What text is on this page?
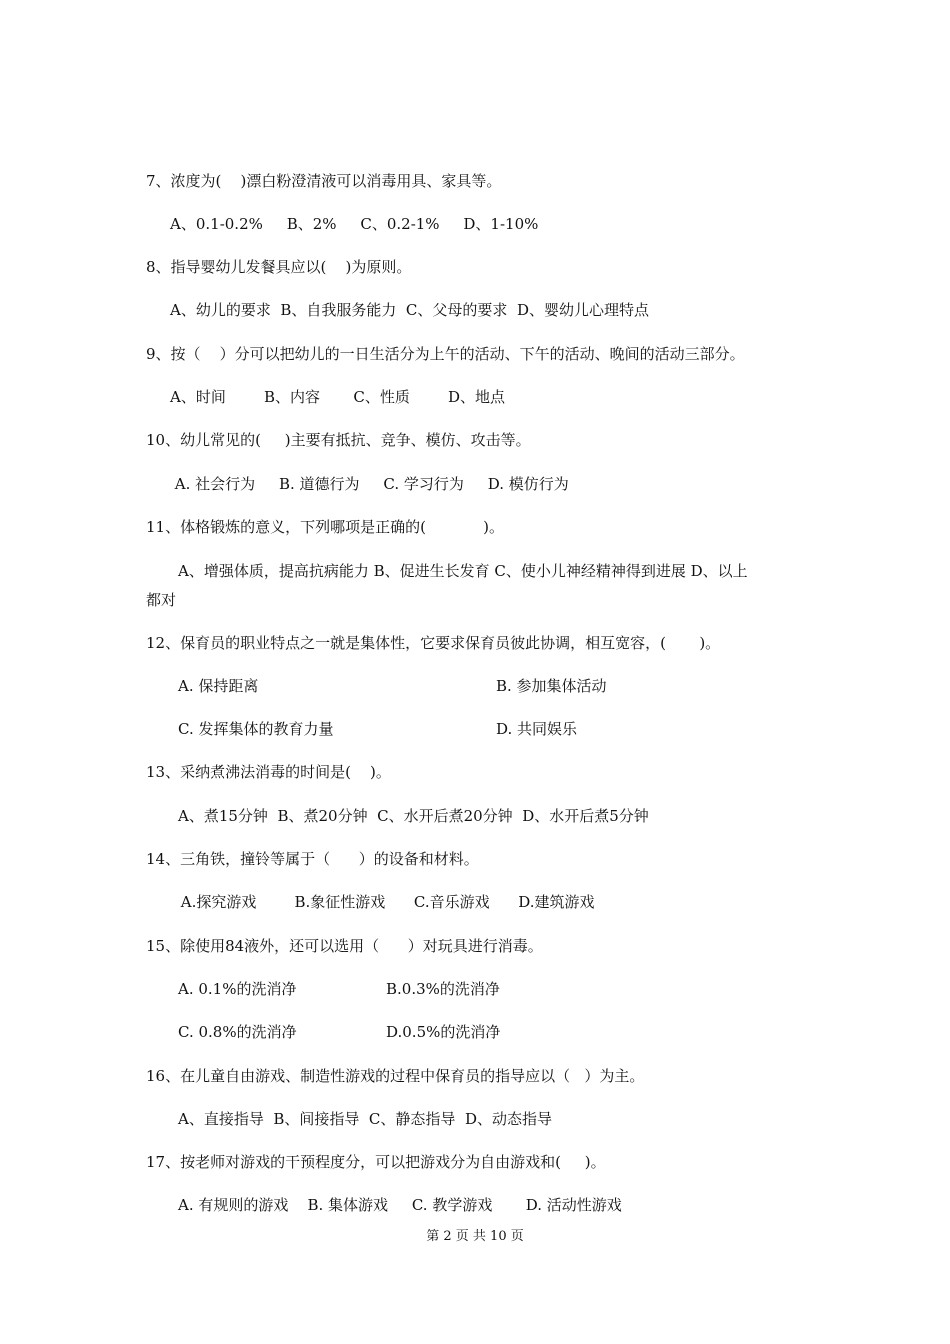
7、浓度为(    )漂白粉澄清液可以消毒用具、家具等。
A、0.1-0.2%     B、2%     C、0.2-1%     D、1-10%
8、指导婴幼儿发餐具应以(    )为原则。
A、幼儿的要求  B、自我服务能力  C、父母的要求  D、婴幼儿心理特点
9、按（    ）分可以把幼儿的一日生活分为上午的活动、下午的活动、晚间的活动三部分。
A、时间        B、内容       C、性质        D、地点
10、幼儿常见的(     )主要有抵抗、竞争、模仿、攻击等。
A. 社会行为     B. 道德行为     C. 学习行为     D. 模仿行为
11、体格锻炼的意义，下列哪项是正确的(            )。
A、增强体质，提高抗病能力 B、促进生长发育 C、使小儿神经精神得到进展 D、以上
都对
12、保育员的职业特点之一就是集体性，它要求保育员彼此协调，相互宽容，(       )。
A. 保持距离	B. 参加集体活动
C. 发挥集体的教育力量	D. 共同娱乐
13、采纳煮沸法消毒的时间是(    )。
A、煮15分钟  B、煮20分钟  C、水开后煮20分钟  D、水开后煮5分钟
14、三角铁，撞铃等属于（      ）的设备和材料。
A.探究游戏        B.象征性游戏      C.音乐游戏      D.建筑游戏
15、除使用84液外，还可以选用（      ）对玩具进行消毒。
A. 0.1%的洗消净	B.0.3%的洗消净
C. 0.8%的洗消净	D.0.5%的洗消净
16、在儿童自由游戏、制造性游戏的过程中保育员的指导应以（   ）为主。
A、直接指导  B、间接指导  C、静态指导  D、动态指导
17、按老师对游戏的干预程度分，可以把游戏分为自由游戏和(     )。
A. 有规则的游戏    B. 集体游戏     C. 教学游戏       D. 活动性游戏
第 2 页 共 10 页
